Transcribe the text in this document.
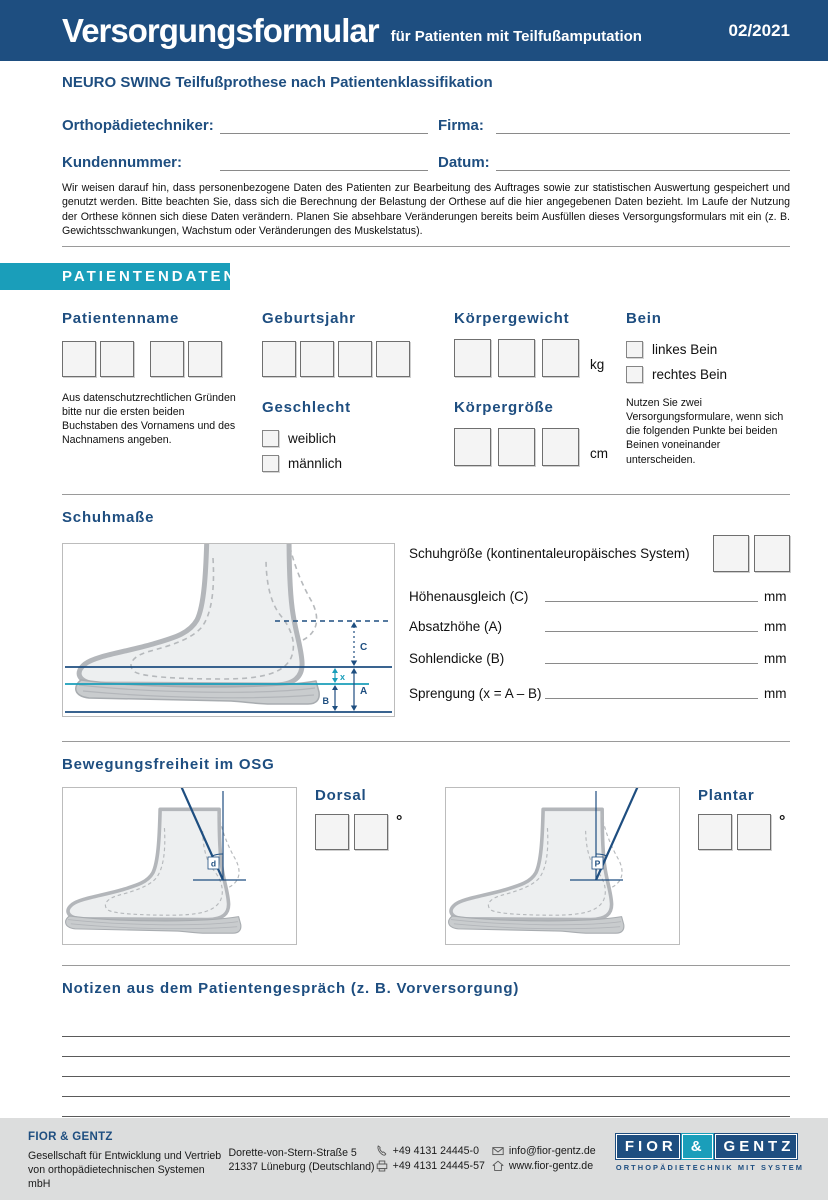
Versorgungsformular für Patienten mit Teilfußamputation	02/2021
NEURO SWING Teilfußprothese nach Patientenklassifikation
Orthopädietechniker:	Firma:
Kundennummer:	Datum:

Wir weisen darauf hin, dass personenbezogene Daten des Patienten zur Bearbeitung des Auftrages sowie zur statistischen Auswertung gespeichert und genutzt werden. Bitte beachten Sie, dass sich die Berechnung der Belastung der Orthese auf die hier angegebenen Daten bezieht. Im Laufe der Nutzung der Orthese können sich diese Daten verändern. Planen Sie absehbare Veränderungen bereits beim Ausfüllen dieses Versorgungsformulars mit ein (z. B. Gewichtsschwankungen, Wachstum oder Veränderungen des Muskelstatus).

PATIENTENDATEN
Patientenname

Aus datenschutzrechtlichen Gründen bitte nur die ersten beiden Buchstaben des Vornamens und des Nachnamens angeben.

Geburtsjahr
Geschlecht
weiblich
männlich
Körpergewicht
kg
Körpergröße
cm
Bein
linkes Bein
rechtes Bein

Nutzen Sie zwei Versorgungsformulare, wenn sich die folgenden Punkte bei beiden Beinen voneinander unterscheiden.

Schuhmaße
C
A
x
B
Schuhgröße (kontinentaleuropäisches System)
Höhenausgleich (C)	mm
Absatzhöhe (A)	mm
Sohlendicke (B)	mm
Sprengung (x = A – B)	mm
Bewegungsfreiheit im OSG
d
Dorsal
°
P
Plantar
°
Notizen aus dem Patientengespräch (z. B. Vorversorgung)
FIOR & GENTZ
Gesellschaft für Entwicklung und Vertrieb
von orthopädietechnischen Systemen mbH
Dorette-von-Stern-Straße 5
21337 Lüneburg (Deutschland)
+49 4131 24445-0
+49 4131 24445-57
info@fior-gentz.de
www.fior-gentz.de
FIOR &	GENTZ
ORTHOPÄDIETECHNIK MIT SYSTEM
